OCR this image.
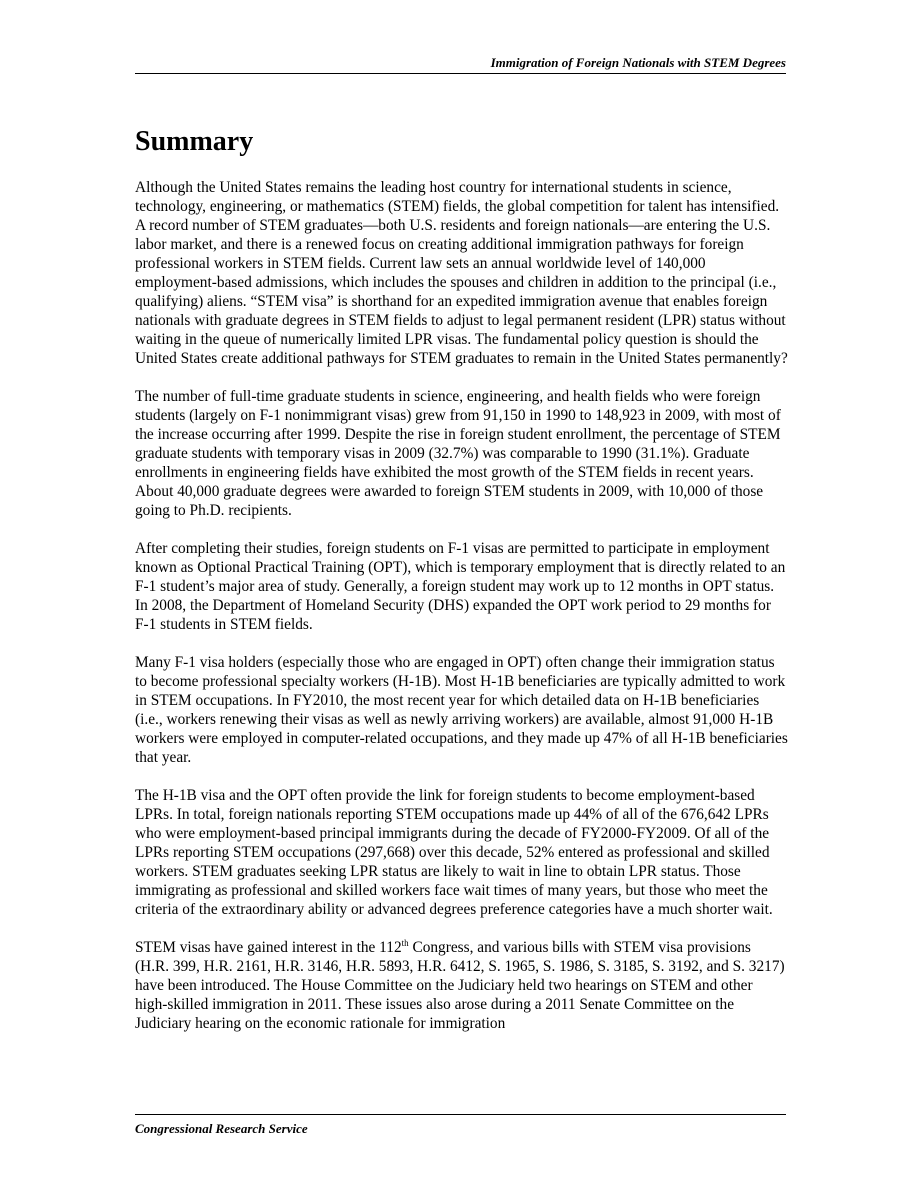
Immigration of Foreign Nationals with STEM Degrees
Summary

Although the United States remains the leading host country for international students in science, technology, engineering, or mathematics (STEM) fields, the global competition for talent has intensified. A record number of STEM graduates—both U.S. residents and foreign nationals—are entering the U.S. labor market, and there is a renewed focus on creating additional immigration pathways for foreign professional workers in STEM fields. Current law sets an annual worldwide level of 140,000 employment-based admissions, which includes the spouses and children in addition to the principal (i.e., qualifying) aliens. “STEM visa” is shorthand for an expedited immigration avenue that enables foreign nationals with graduate degrees in STEM fields to adjust to legal permanent resident (LPR) status without waiting in the queue of numerically limited LPR visas. The fundamental policy question is should the United States create additional pathways for STEM graduates to remain in the United States permanently?

The number of full-time graduate students in science, engineering, and health fields who were foreign students (largely on F-1 nonimmigrant visas) grew from 91,150 in 1990 to 148,923 in 2009, with most of the increase occurring after 1999. Despite the rise in foreign student enrollment, the percentage of STEM graduate students with temporary visas in 2009 (32.7%) was comparable to 1990 (31.1%). Graduate enrollments in engineering fields have exhibited the most growth of the STEM fields in recent years. About 40,000 graduate degrees were awarded to foreign STEM students in 2009, with 10,000 of those going to Ph.D. recipients.

After completing their studies, foreign students on F-1 visas are permitted to participate in employment known as Optional Practical Training (OPT), which is temporary employment that is directly related to an F-1 student’s major area of study. Generally, a foreign student may work up to 12 months in OPT status. In 2008, the Department of Homeland Security (DHS) expanded the OPT work period to 29 months for F-1 students in STEM fields.

Many F-1 visa holders (especially those who are engaged in OPT) often change their immigration status to become professional specialty workers (H-1B). Most H-1B beneficiaries are typically admitted to work in STEM occupations. In FY2010, the most recent year for which detailed data on H-1B beneficiaries (i.e., workers renewing their visas as well as newly arriving workers) are available, almost 91,000 H-1B workers were employed in computer-related occupations, and they made up 47% of all H-1B beneficiaries that year.

The H-1B visa and the OPT often provide the link for foreign students to become employment-based LPRs. In total, foreign nationals reporting STEM occupations made up 44% of all of the 676,642 LPRs who were employment-based principal immigrants during the decade of FY2000-FY2009. Of all of the LPRs reporting STEM occupations (297,668) over this decade, 52% entered as professional and skilled workers. STEM graduates seeking LPR status are likely to wait in line to obtain LPR status. Those immigrating as professional and skilled workers face wait times of many years, but those who meet the criteria of the extraordinary ability or advanced degrees preference categories have a much shorter wait.

STEM visas have gained interest in the 112th Congress, and various bills with STEM visa provisions (H.R. 399, H.R. 2161, H.R. 3146, H.R. 5893, H.R. 6412, S. 1965, S. 1986, S. 3185, S. 3192, and S. 3217) have been introduced. The House Committee on the Judiciary held two hearings on STEM and other high-skilled immigration in 2011. These issues also arose during a 2011 Senate Committee on the Judiciary hearing on the economic rationale for immigration

Congressional Research Service
